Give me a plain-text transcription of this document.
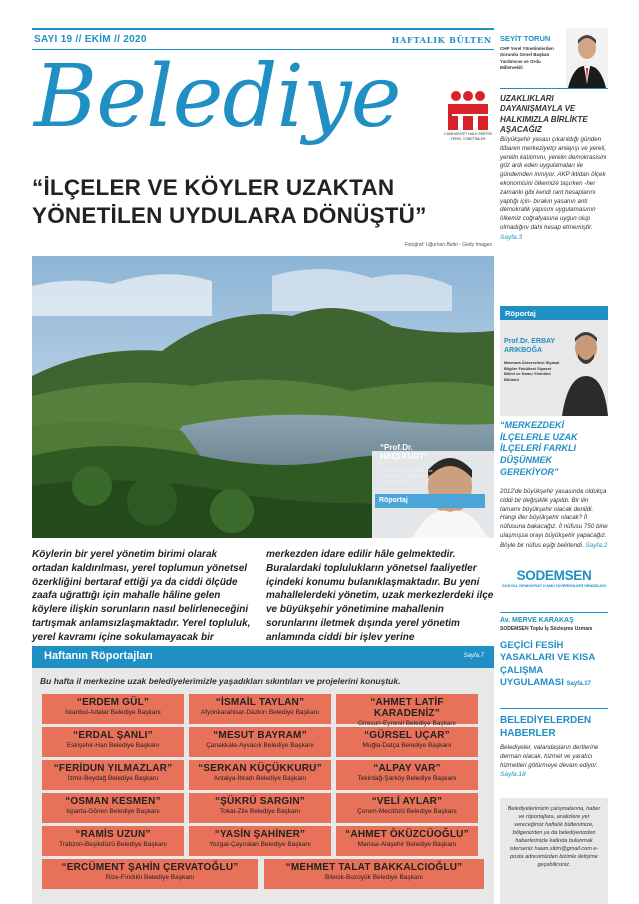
SAYI 19 // EKİM // 2020	HAFTALIK BÜLTEN
Belediye	CUMHURİYET HALK PARTİSİ YEREL YÖNETİMLER
“İLÇELER VE KÖYLER UZAKTAN YÖNETİLEN UYDULARA DÖNÜŞTÜ”
Fotoğraf: Uğurhan Betin - Getty Images
“Prof.Dr.
HACI KURT”
Mersin Üniversitesi İktisadi ve İdari Bilimler Fakültesi Kamu Yönetimi Bölümü
Röportaj
Köylerin bir yerel yönetim birimi olarak ortadan kaldırılması, yerel toplumun yönetsel özerkliğini bertaraf ettiği ya da ciddi ölçüde zaafa uğrattığı için mahalle hâline gelen köylere ilişkin sorunların nasıl belirleneceğini tartışmak anlamsızlaşmaktadır. Yerel topluluk, yerel kavramı içine sokulamayacak bir
merkezden idare edilir hâle gelmektedir. Buralardaki toplulukların yönetsel faaliyetler içindeki konumu bulanıklaşmaktadır. Bu yeni mahallelerdeki yönetim, uzak merkezlerdeki ilçe ve büyükşehir yönetimine mahallenin sorunlarını iletmek dışında yerel yönetim anlamında ciddi bir işlev yerine
Haftanın Röportajları	Sayfa.7
Bu hafta il merkezine uzak belediyelerimizle yaşadıkları sıkıntıları ve projelerini konuştuk.
“ERDEM GÜL”
İstanbul-Adalar Belediye Başkanı
“İSMAİL TAYLAN”
Afyonkarahisar-Dazkırı Belediye Başkanı
“AHMET LATİF KARADENİZ”
Giresun-Eynesil Belediye Başkanı
“ERDAL ŞANLI”
Eskişehir-Han Belediye Başkanı
“MESUT BAYRAM”
Çanakkale-Ayvacık Belediye Başkanı
“GÜRSEL UÇAR”
Muğla-Datça Belediye Başkanı
“FERİDUN YILMAZLAR”
İzmir-Beydağ Belediye Başkanı
“SERKAN KÜÇÜKKURU”
Antalya-İbradı Belediye Başkanı
“ALPAY VAR”
Tekirdağ-Şarköy Belediye Başkanı
“OSMAN KESMEN”
Isparta-Gönen Belediye Başkanı
“ŞÜKRÜ SARGIN”
Tokat-Zile Belediye Başkanı
“VELİ AYLAR”
Çorum-Mecitözü Belediye Başkanı
“RAMİS UZUN”
Trabzon-Beşikdüzü Belediye Başkanı
“YASİN ŞAHİNER”
Yozgat-Çayıralan Belediye Başkanı
“AHMET ÖKÜZCÜOĞLU”
Manisa-Alaşehir Belediye Başkanı
“ERCÜMENT ŞAHİN ÇERVATOĞLU”
Rize-Fındıklı Belediye Başkanı
“MEHMET TALAT BAKKALCIOĞLU”
Bilecik-Bozüyük Belediye Başkanı
SEYİT TORUN
CHP Yerel Yönetimlerden Sorumlu Genel Başkan Yardımcısı ve Ordu Milletvekili
UZAKLIKLARI DAYANIŞMAYLA VE HALKIMIZLA BİRLİKTE AŞACAĞIZ
Büyükşehir yasası çıkarıldığı günden itibaren merkeziyetçi anlayışı ve yereli, yerelin katılımını, yerelin demokrasisini göz ardı eden uygulamaları ile gündemden inmiyor. AKP iktidarı ölçek ekonomisini ölkemize taşırken -her zamanki gibi kendi rant hesaplarını yaptığı için- bırakın yasanın anti demokratik yapısını uygulamasının ölkemiz coğrafyasına uygun olup olmadığını dahi hesap etmemiştir. Sayfa.3
Röportaj
Prof.Dr. ERBAY
ARIKBOĞA
Marmara Üniversitesi Siyasal Bilgiler Fakültesi Siyaset Bilimi ve Kamu Yönetimi Bölümü
“MERKEZDEKİ İLÇELERLE UZAK İLÇELERİ FARKLI DÜŞÜNMEK GEREKİYOR”
2012'de büyükşehir yasasında oldukça ciddi bir değişiklik yapıldı. Bir ilin tamamı büyükşehir olacak denildi. Hangi iller büyükşehir olacak? İl nüfusuna bakacağız. İl nüfusu 750 bine ulaşmışsa orayı büyükşehir yapacağız. Böyle bir nüfus eşiği belirlendi. Sayfa.2
SODEMSEN
SOSYAL DEMOKRAT KAMU İŞVERENLERİ SENDİKASI
Av. MERVE KARAKAŞ
SODEMSEN Toplu İş Sözleşme Uzmanı
GEÇİCİ FESİH YASAKLARI VE KISA ÇALIŞMA UYGULAMASI Sayfa.17
BELEDİYELERDEN HABERLER
Belediyeler, vatandaşların dertlerine derman olacak, hizmet ve yaratıcı hizmetleri götürmeye devam ediyor. Sayfa.18
Belediyelerimizin çalışmalarına, haber ve röportajlara, analizlere yer vereceğimiz haftalık bültenimize, bölgenizden ya da belediyenizden haberlerinizle katkıda bulunmak isterseniz haam.sitim@gmail.com e-posta adresimizden bizimle iletişime geçebilirsiniz.
